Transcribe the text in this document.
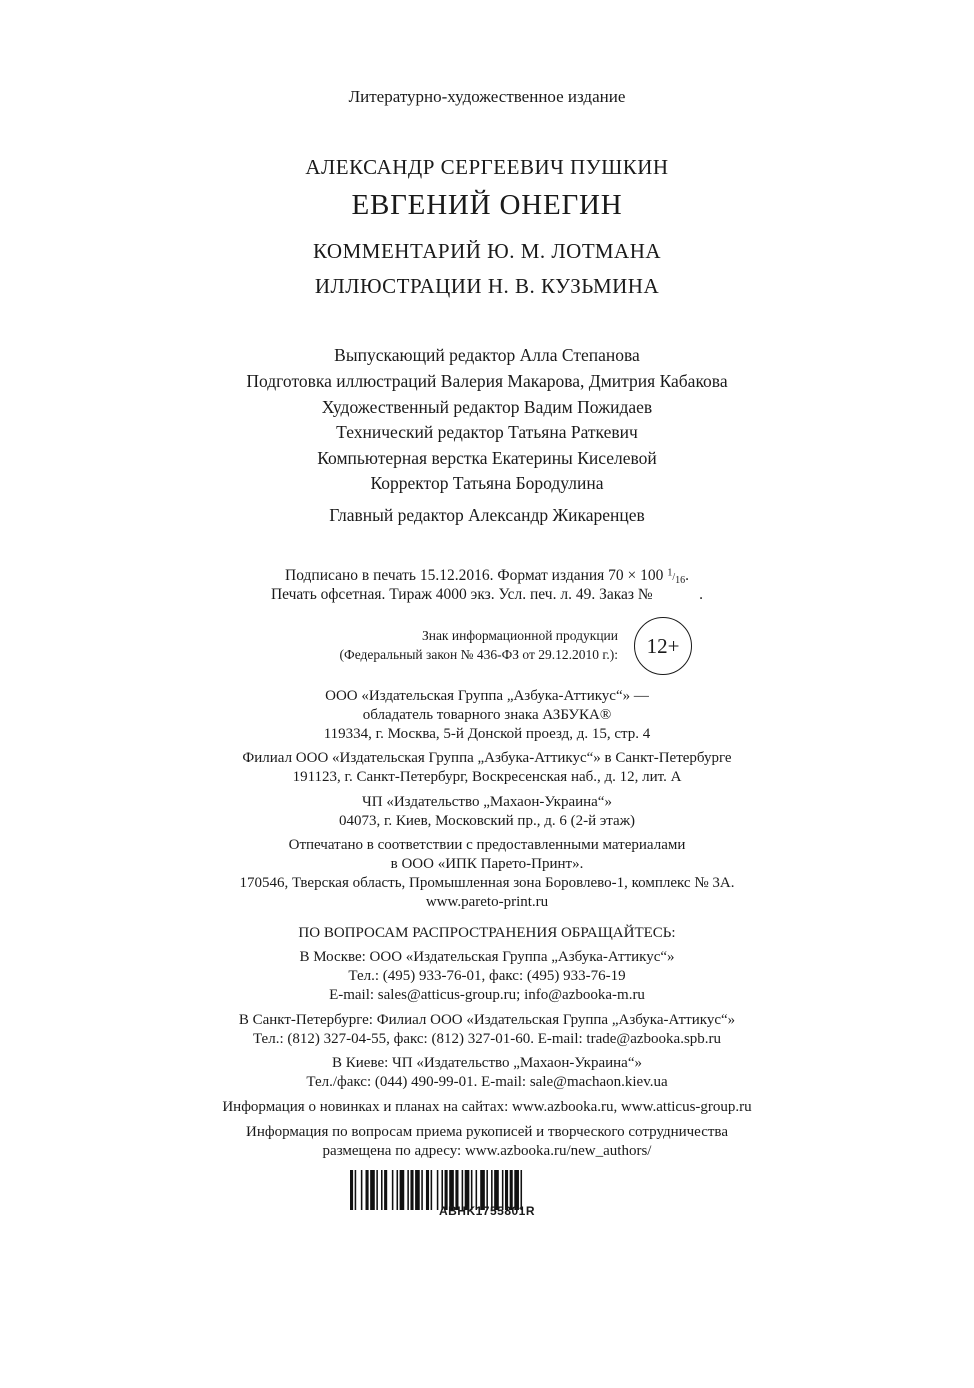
Литературно-художественное издание
АЛЕКСАНДР СЕРГЕЕВИЧ ПУШКИН
ЕВГЕНИЙ ОНЕГИН
КОММЕНТАРИЙ Ю. М. ЛОТМАНА
ИЛЛЮСТРАЦИИ Н. В. КУЗЬМИНА
Выпускающий редактор Алла Степанова
Подготовка иллюстраций Валерия Макарова, Дмитрия Кабакова
Художественный редактор Вадим Пожидаев
Технический редактор Татьяна Раткевич
Компьютерная верстка Екатерины Киселевой
Корректор Татьяна Бородулина
Главный редактор Александр Жикаренцев
Подписано в печать 15.12.2016. Формат издания 70 × 100 $^1/_{16}$.
Печать офсетная. Тираж 4000 экз. Усл. печ. л. 49. Заказ №            .
Знак информационной продукции
(Федеральный закон № 436-ФЗ от 29.12.2010 г.):	12+
ООО «Издательская Группа „Азбука-Аттикус“» —
обладатель товарного знака АЗБУКА®
119334, г. Москва, 5-й Донской проезд, д. 15, стр. 4
Филиал ООО «Издательская Группа „Азбука-Аттикус“» в Санкт-Петербурге
191123, г. Санкт-Петербург, Воскресенская наб., д. 12, лит. А
ЧП «Издательство „Махаон-Украина“»
04073, г. Киев, Московский пр., д. 6 (2-й этаж)
Отпечатано в соответствии с предоставленными материалами
в ООО «ИПК Парето-Принт».
170546, Тверская область, Промышленная зона Боровлево-1, комплекс № 3А.
www.pareto-print.ru
ПО ВОПРОСАМ РАСПРОСТРАНЕНИЯ ОБРАЩАЙТЕСЬ:
В Москве: ООО «Издательская Группа „Азбука-Аттикус“»
Тел.: (495) 933-76-01, факс: (495) 933-76-19
E-mail: sales@atticus-group.ru; info@azbooka-m.ru
В Санкт-Петербурге: Филиал ООО «Издательская Группа „Азбука-Аттикус“»
Тел.: (812) 327-04-55, факс: (812) 327-01-60. E-mail: trade@azbooka.spb.ru
В Киеве: ЧП «Издательство „Махаон-Украина“»
Тел./факс: (044) 490-99-01. E-mail: sale@machaon.kiev.ua
Информация о новинках и планах на сайтах: www.azbooka.ru, www.atticus-group.ru
Информация по вопросам приема рукописей и творческого сотрудничества
размещена по адресу: www.azbooka.ru/new_authors/
ABHK1755801R
